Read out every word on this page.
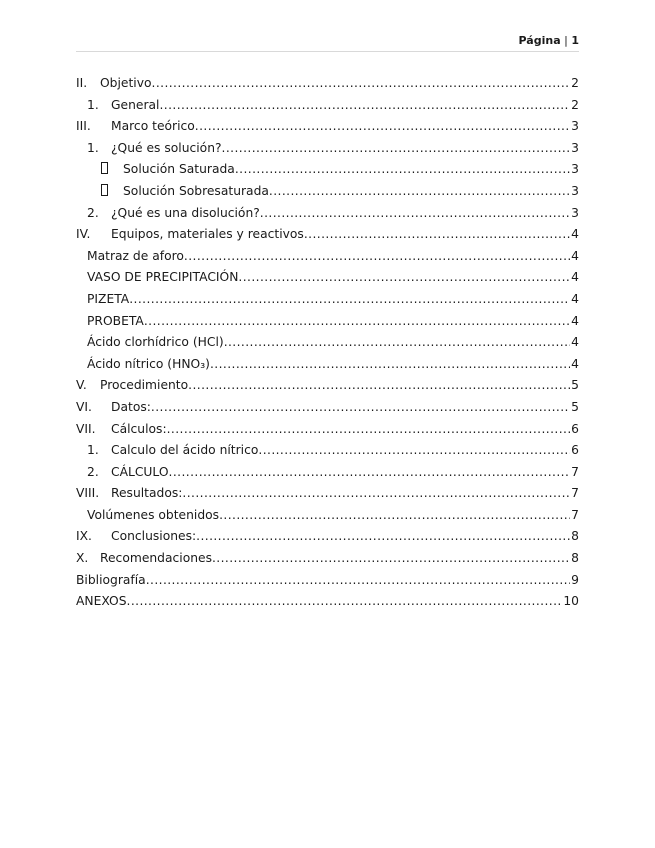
Página | 1
II.	Objetivo .....	2
1. General .....	2
III.	Marco teórico .....	3
1. ¿Qué es solución? .....	3
Solución Saturada .....	3
Solución Sobresaturada .....	3
2. ¿Qué es una disolución? .....	3
IV.	Equipos, materiales y reactivos .....	4
Matraz de aforo .....	4
VASO DE PRECIPITACIÓN .....	4
PIZETA .....	4
PROBETA .....	4
Ácido clorhídrico (HCl) .....	4
Ácido nítrico (HNO₃) .....	4
V.	Procedimiento .....	5
VI.	Datos: .....	5
VII.	Cálculos: .....	6
1. Calculo del ácido nítrico .....	6
2. CÁLCULO .....	7
VIII. Resultados: .....	7
Volúmenes obtenidos .....	7
IX.	Conclusiones: .....	8
X. Recomendaciones .....	8
Bibliografía .....	9
ANEXOS .....	10
